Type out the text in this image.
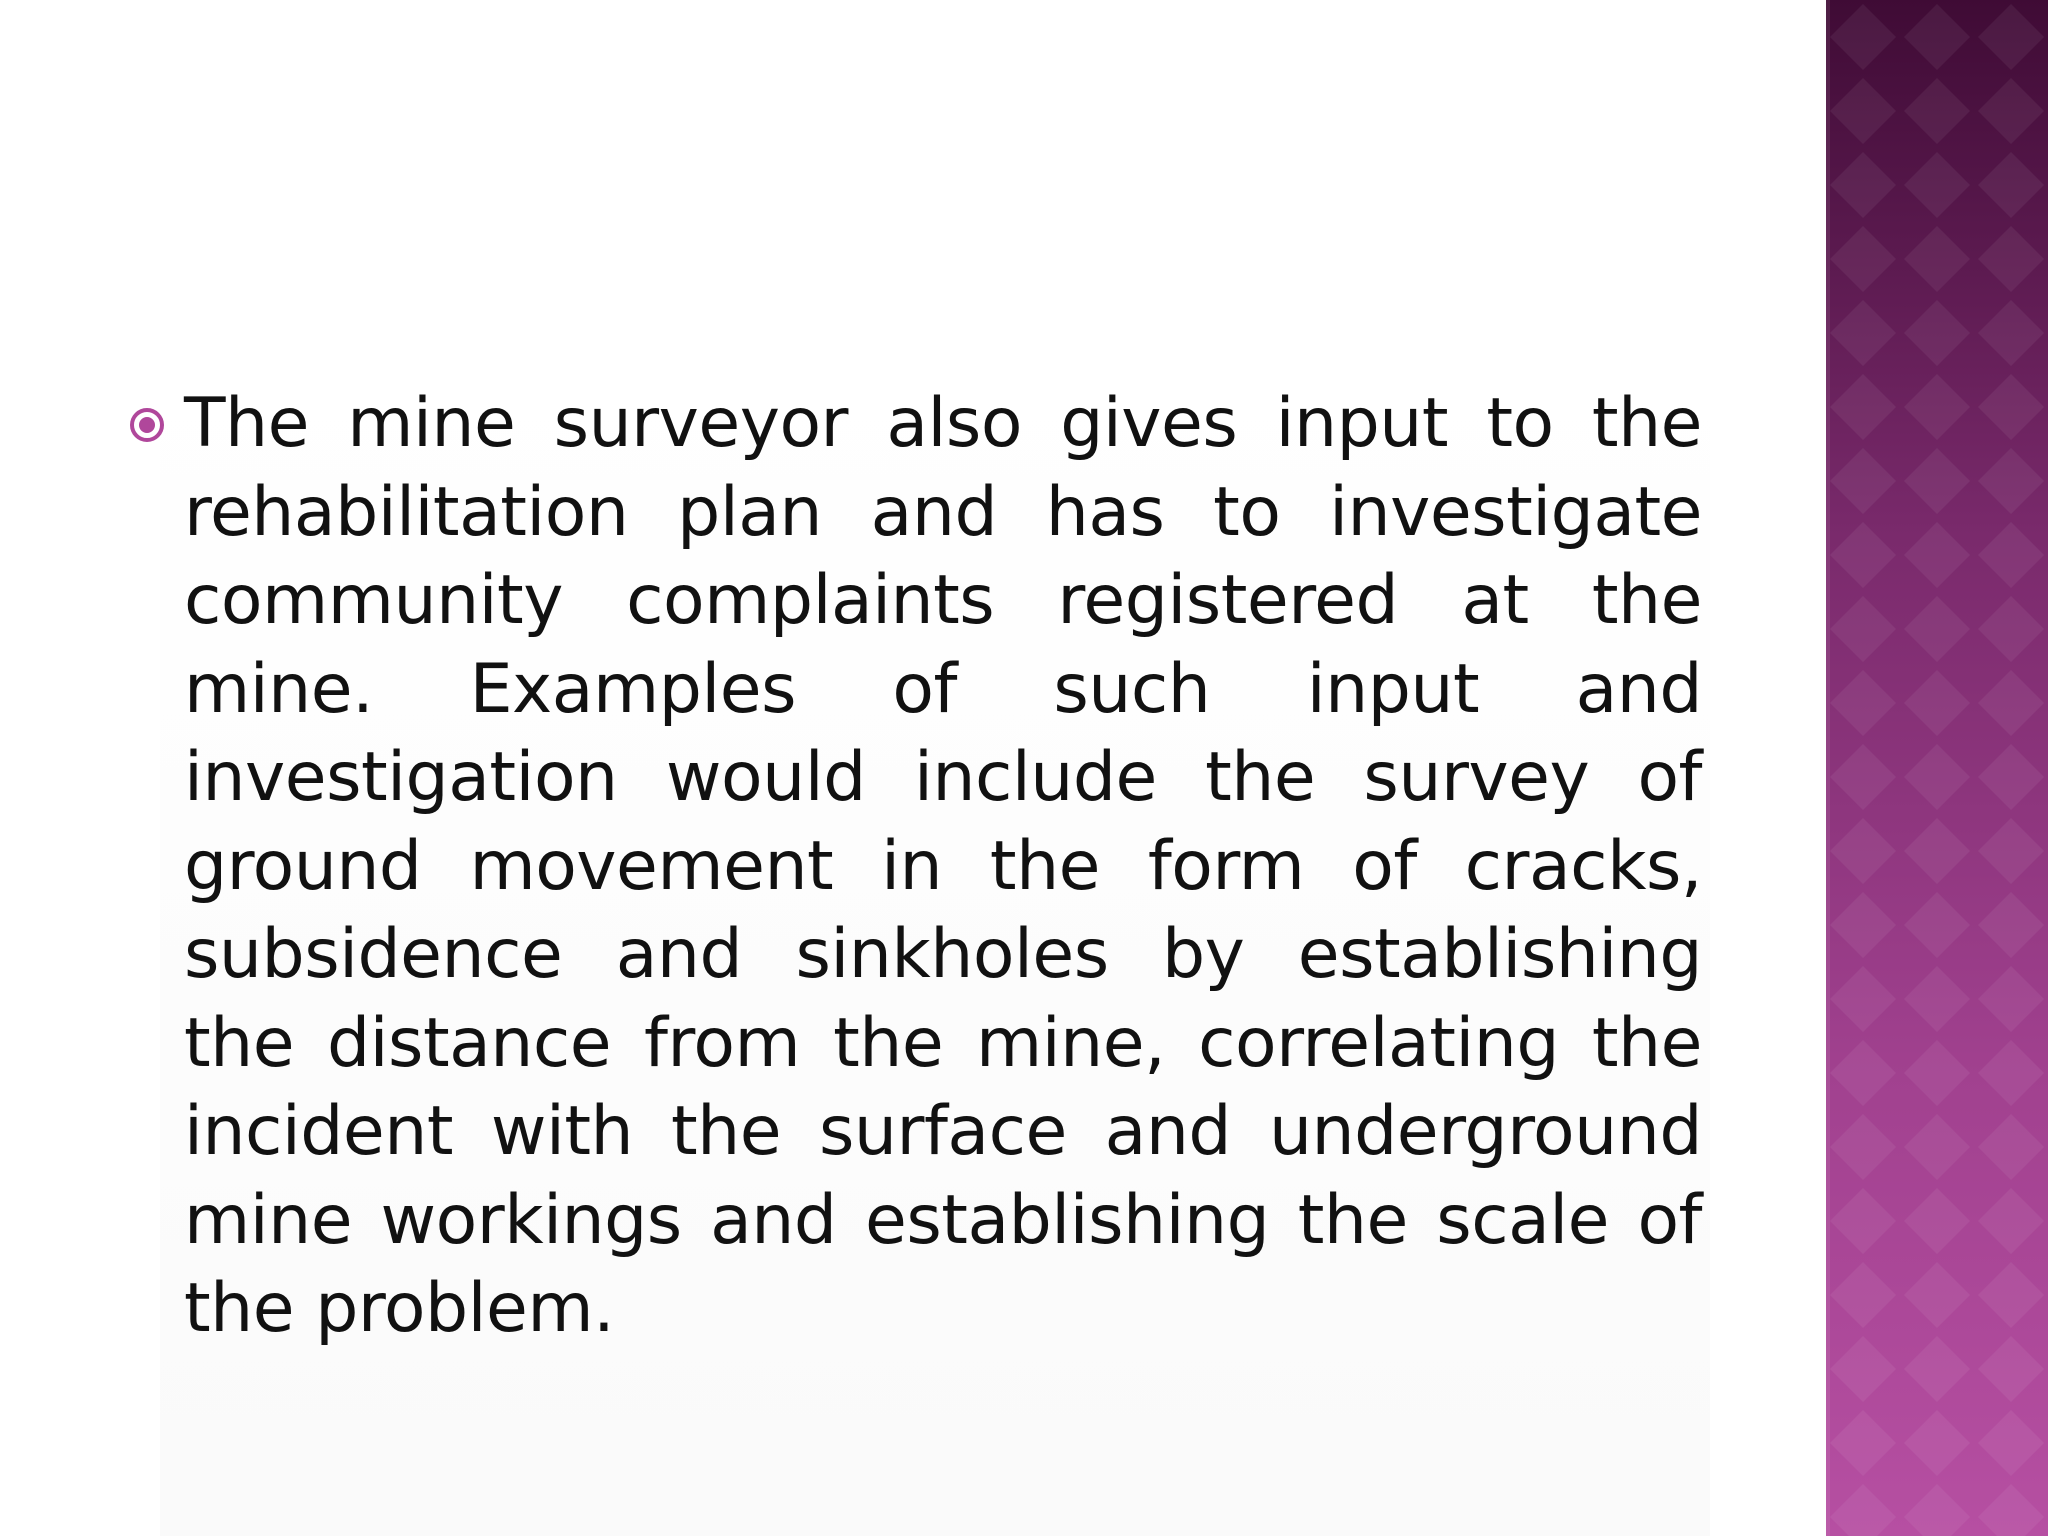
The mine surveyor also gives input to the rehabilitation plan and has to investigate community complaints registered at the mine. Examples of such input and investigation would include the survey of ground movement in the form of cracks, subsidence and sinkholes by establishing the distance from the mine, correlating the incident with the surface and underground mine workings and establishing the scale of the problem.
